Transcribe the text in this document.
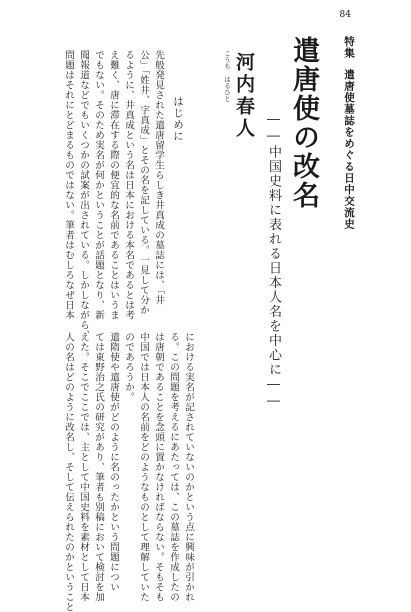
84
特集遣唐使墓誌をめぐる日中交流史
遣唐使の改名
――中国史料に表れる日本人名を中心に――
こうち　はるひと 河内春人
はじめに
先般発見された遣唐留学生らしき井真成の墓誌には、「井
公」「姓井、字真成」とその名を記している。一見して分か
るように、井真成という名は日本における本名であるとは考
え難く、唐に滞在する際の便宜的な名前であることはいうま
でもない。そのため実名が何かということが話題となり、新
聞報道などでもいくつかの試案が出されている。しかしながら、
問題はそれにとどまるものではない。筆者はむしろなぜ日本
における実名が記されていないのかという点に興味が引かれ
る。この問題を考えるにあたっては、この墓誌を作成したの
は唐朝であることを念頭に置かなければならない。そもそも
中国では日本人の名前をどのようなものとして理解していた
のであろうか。
遣隋使や遣唐使がどのように名のったかという問題につい
ては東野治之氏の研究があり、筆者も別稿において検討を加
えた。そこでここでは、主として中国史料を素材として日本
人の名はどのように改名し、そして伝えられたのかということ
